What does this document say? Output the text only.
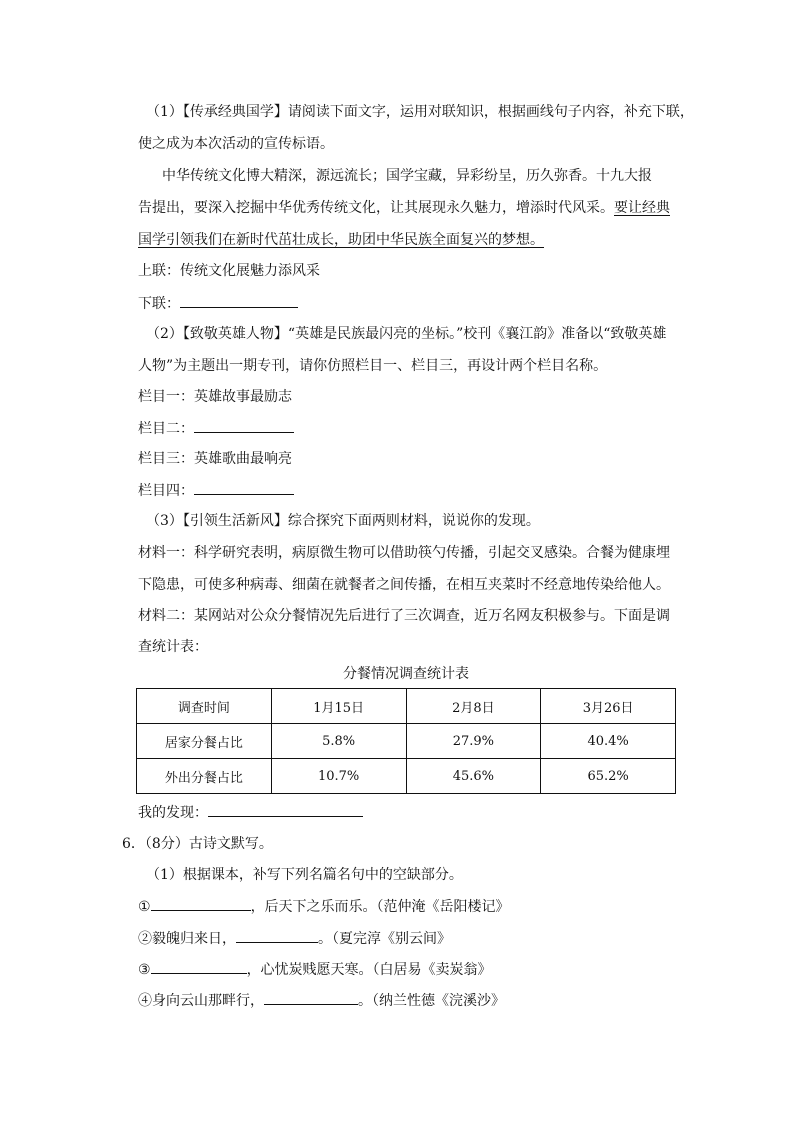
（1）【传承经典国学】请阅读下面文字，运用对联知识，根据画线句子内容，补充下联，
使之成为本次活动的宣传标语。
中华传统文化博大精深，源远流长；国学宝藏，异彩纷呈，历久弥香。十九大报
告提出，要深入挖掘中华优秀传统文化，让其展现永久魅力，增添时代风采。要让经典
国学引领我们在新时代茁壮成长，助团中华民族全面复兴的梦想。
上联：传统文化展魅力添风采
下联：
（2）【致敬英雄人物】“英雄是民族最闪亮的坐标。”校刊《襄江韵》准备以“致敬英雄
人物”为主题出一期专刊，请你仿照栏目一、栏目三，再设计两个栏目名称。
栏目一：英雄故事最励志
栏目二：
栏目三：英雄歌曲最响亮
栏目四：
（3）【引领生活新风】综合探究下面两则材料，说说你的发现。
材料一：科学研究表明，病原微生物可以借助筷勺传播，引起交叉感染。合餐为健康埋
下隐患，可使多种病毒、细菌在就餐者之间传播，在相互夹菜时不经意地传染给他人。
材料二：某网站对公众分餐情况先后进行了三次调查，近万名网友积极参与。下面是调
查统计表：
分餐情况调查统计表
调查时间	1月15日	2月8日	3月26日
居家分餐占比	5.8%	27.9%	40.4%
外出分餐占比	10.7%	45.6%	65.2%
我的发现：
6．（8分）古诗文默写。
（1）根据课本，补写下列名篇名句中的空缺部分。
①	，后天下之乐而乐。（范仲淹《岳阳楼记》
②毅魄归来日，	。（夏完淳《别云间》
③	，心忧炭贱愿天寒。（白居易《卖炭翁》
④身向云山那畔行，	。（纳兰性德《浣溪沙》
